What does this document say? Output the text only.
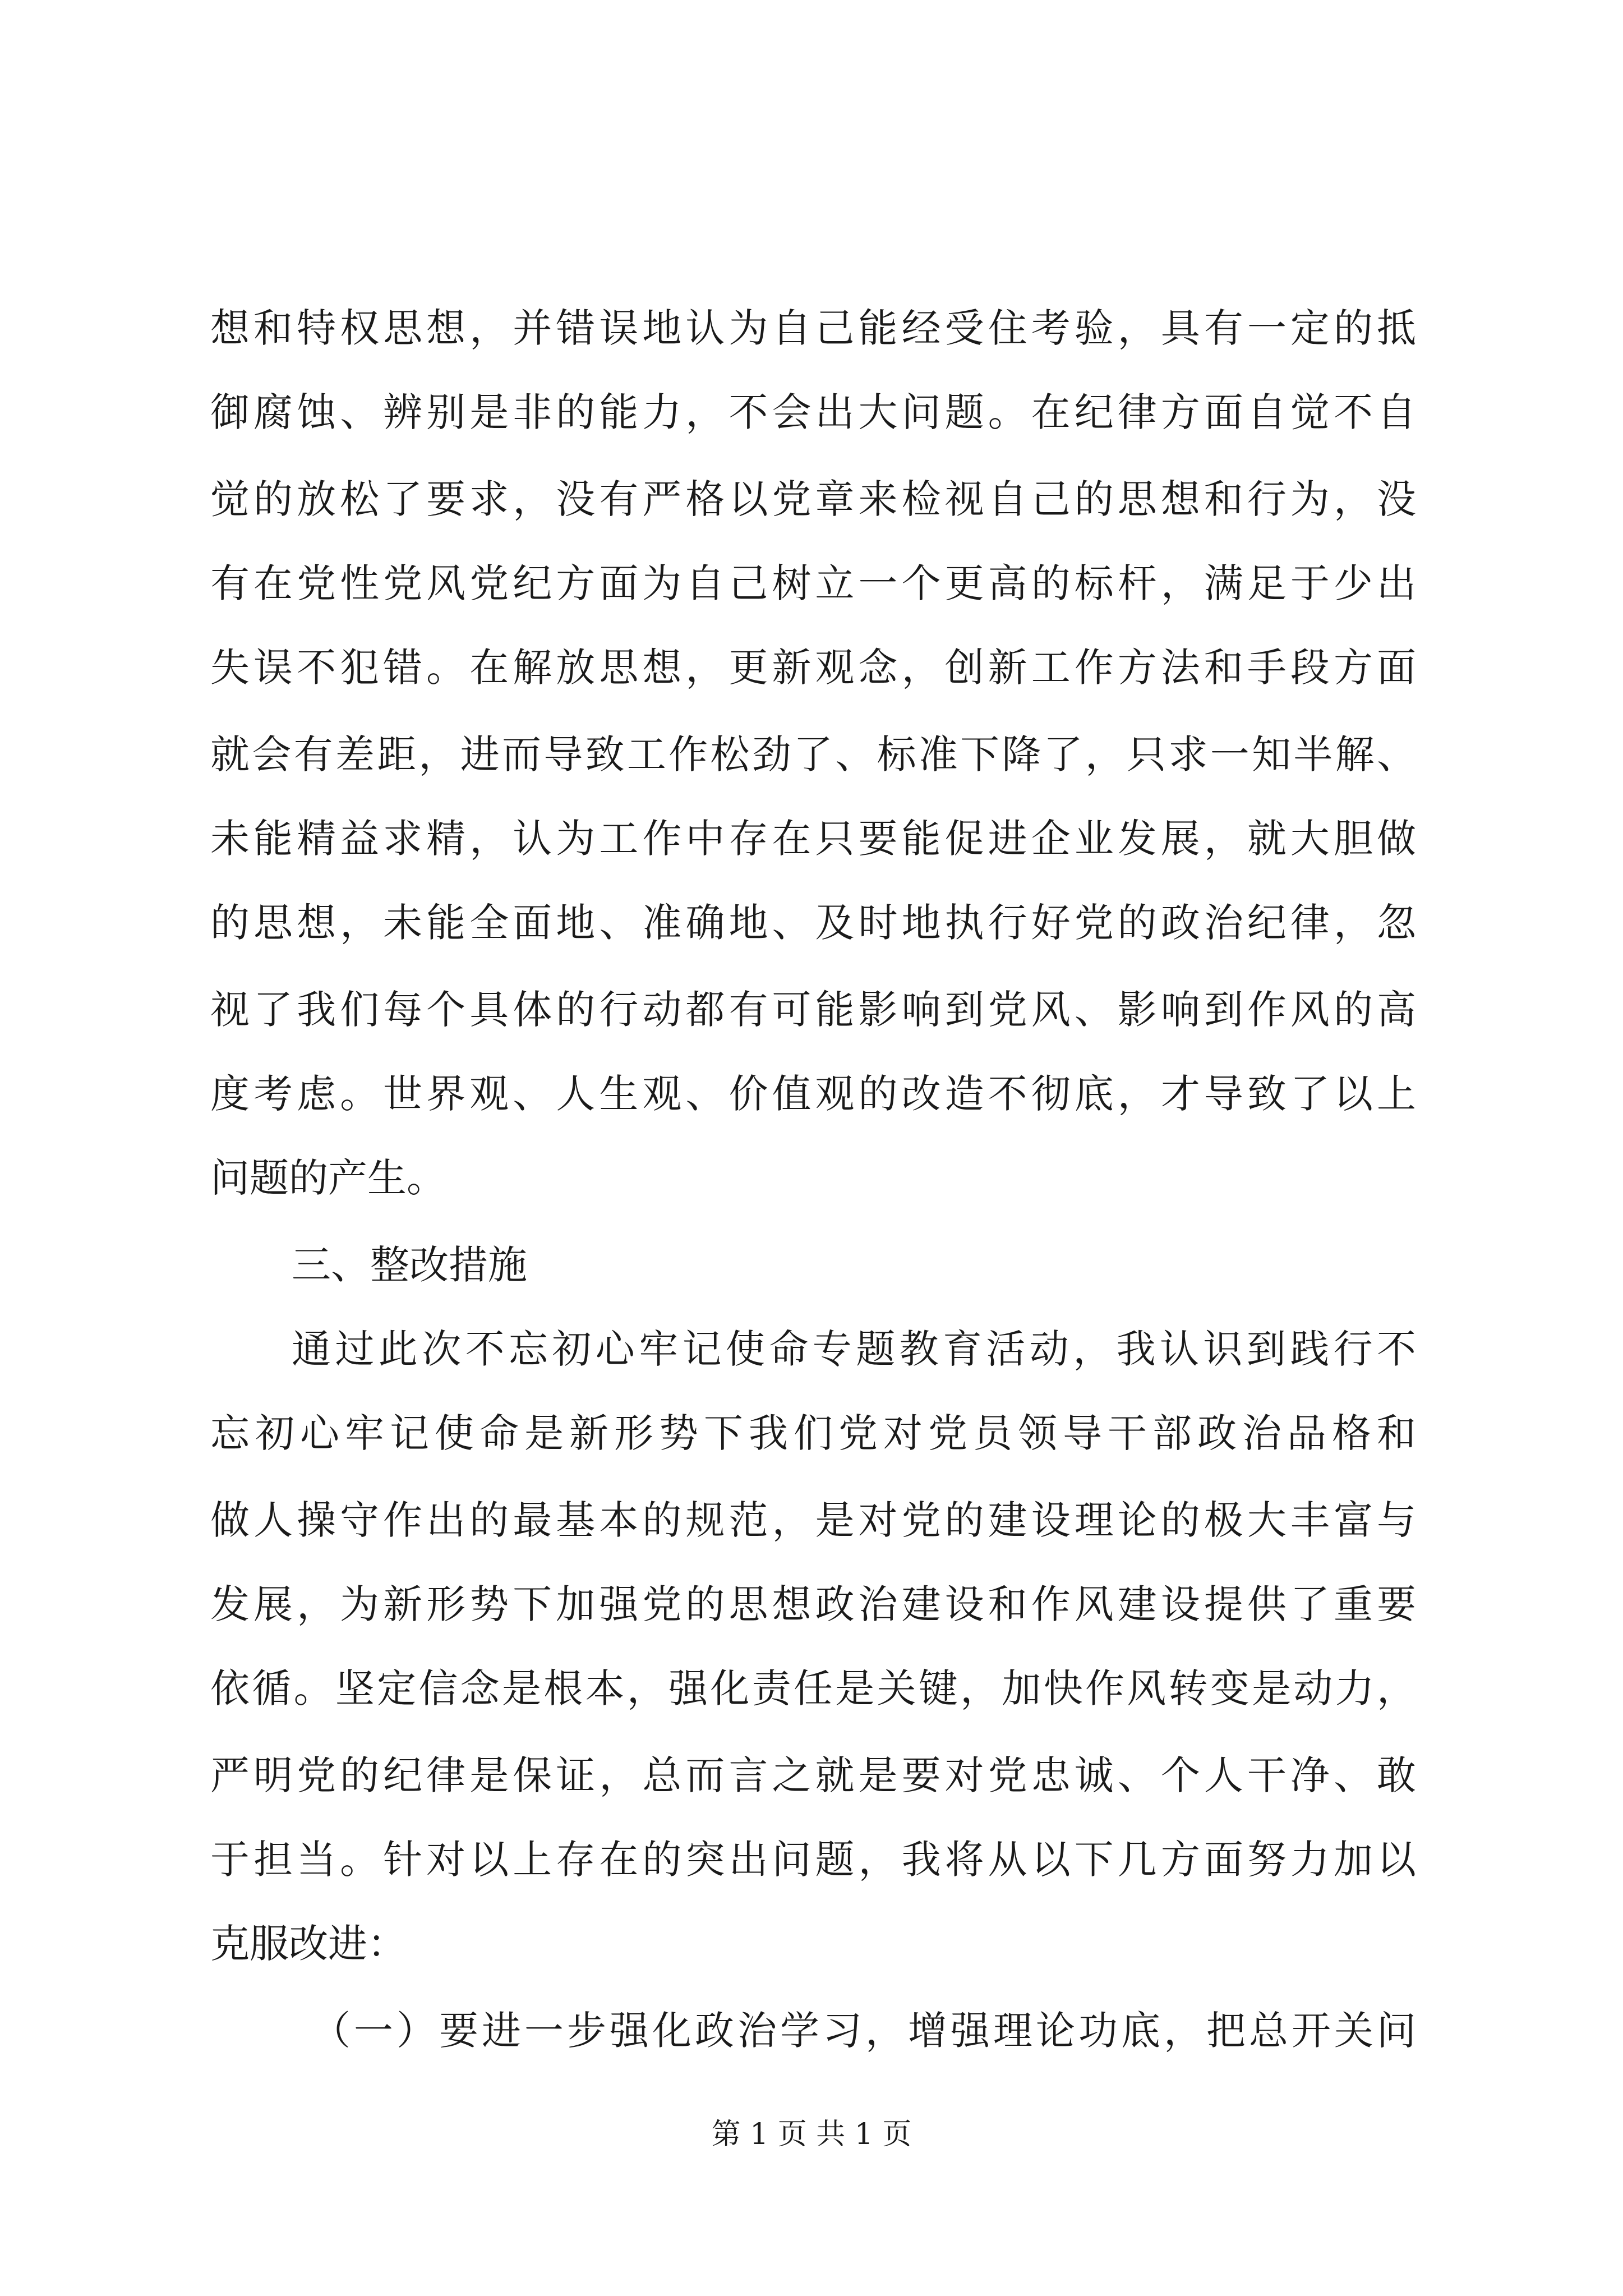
想和特权思想，并错误地认为自己能经受住考验，具有一定的抵
御腐蚀、辨别是非的能力，不会出大问题。在纪律方面自觉不自
觉的放松了要求，没有严格以党章来检视自己的思想和行为，没
有在党性党风党纪方面为自己树立一个更高的标杆，满足于少出
失误不犯错。在解放思想，更新观念，创新工作方法和手段方面
就会有差距，进而导致工作松劲了、标准下降了，只求一知半解、
未能精益求精，认为工作中存在只要能促进企业发展，就大胆做
的思想，未能全面地、准确地、及时地执行好党的政治纪律，忽
视了我们每个具体的行动都有可能影响到党风、影响到作风的高
度考虑。世界观、人生观、价值观的改造不彻底，才导致了以上
问题的产生。
三、整改措施
通过此次不忘初心牢记使命专题教育活动，我认识到践行不
忘初心牢记使命是新形势下我们党对党员领导干部政治品格和
做人操守作出的最基本的规范，是对党的建设理论的极大丰富与
发展，为新形势下加强党的思想政治建设和作风建设提供了重要
依循。坚定信念是根本，强化责任是关键，加快作风转变是动力，
严明党的纪律是保证，总而言之就是要对党忠诚、个人干净、敢
于担当。针对以上存在的突出问题，我将从以下几方面努力加以
克服改进：
（一）要进一步强化政治学习，增强理论功底，把总开关问
第 1 页 共 1 页
